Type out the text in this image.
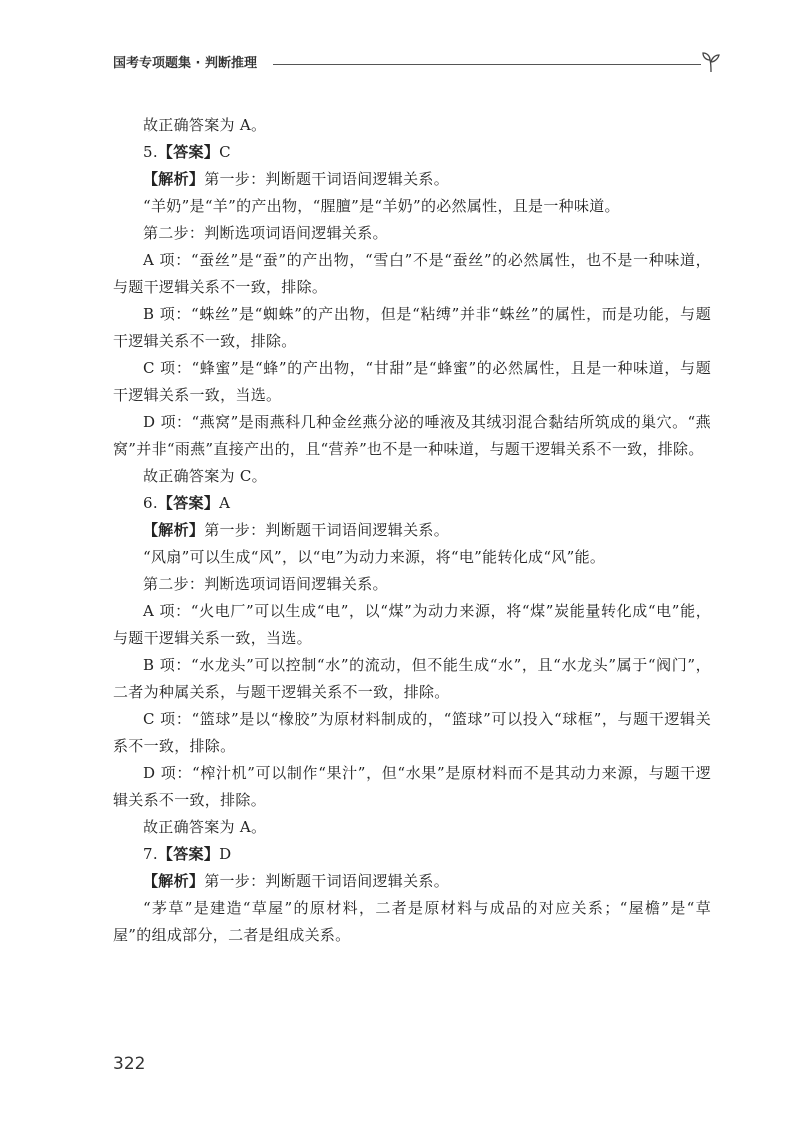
国考专项题集 · 判断推理

故正确答案为 A。

5.【答案】C

【解析】第一步：判断题干词语间逻辑关系。

“羊奶”是“羊”的产出物，“腥膻”是“羊奶”的必然属性，且是一种味道。

第二步：判断选项词语间逻辑关系。

A 项：“蚕丝”是“蚕”的产出物，“雪白”不是“蚕丝”的必然属性，也不是一种味道，与题干逻辑关系不一致，排除。

B 项：“蛛丝”是“蜘蛛”的产出物，但是“粘缚”并非“蛛丝”的属性，而是功能，与题干逻辑关系不一致，排除。

C 项：“蜂蜜”是“蜂”的产出物，“甘甜”是“蜂蜜”的必然属性，且是一种味道，与题干逻辑关系一致，当选。

D 项：“燕窝”是雨燕科几种金丝燕分泌的唾液及其绒羽混合黏结所筑成的巢穴。“燕窝”并非“雨燕”直接产出的，且“营养”也不是一种味道，与题干逻辑关系不一致，排除。

故正确答案为 C。

6.【答案】A

【解析】第一步：判断题干词语间逻辑关系。

“风扇”可以生成“风”，以“电”为动力来源，将“电”能转化成“风”能。

第二步：判断选项词语间逻辑关系。

A 项：“火电厂”可以生成“电”，以“煤”为动力来源，将“煤”炭能量转化成“电”能，与题干逻辑关系一致，当选。

B 项：“水龙头”可以控制“水”的流动，但不能生成“水”，且“水龙头”属于“阀门”，二者为种属关系，与题干逻辑关系不一致，排除。

C 项：“篮球”是以“橡胶”为原材料制成的，“篮球”可以投入“球框”，与题干逻辑关系不一致，排除。

D 项：“榨汁机”可以制作“果汁”，但“水果”是原材料而不是其动力来源，与题干逻辑关系不一致，排除。

故正确答案为 A。

7.【答案】D

【解析】第一步：判断题干词语间逻辑关系。

“茅草”是建造“草屋”的原材料，二者是原材料与成品的对应关系；“屋檐”是“草屋”的组成部分，二者是组成关系。

322
